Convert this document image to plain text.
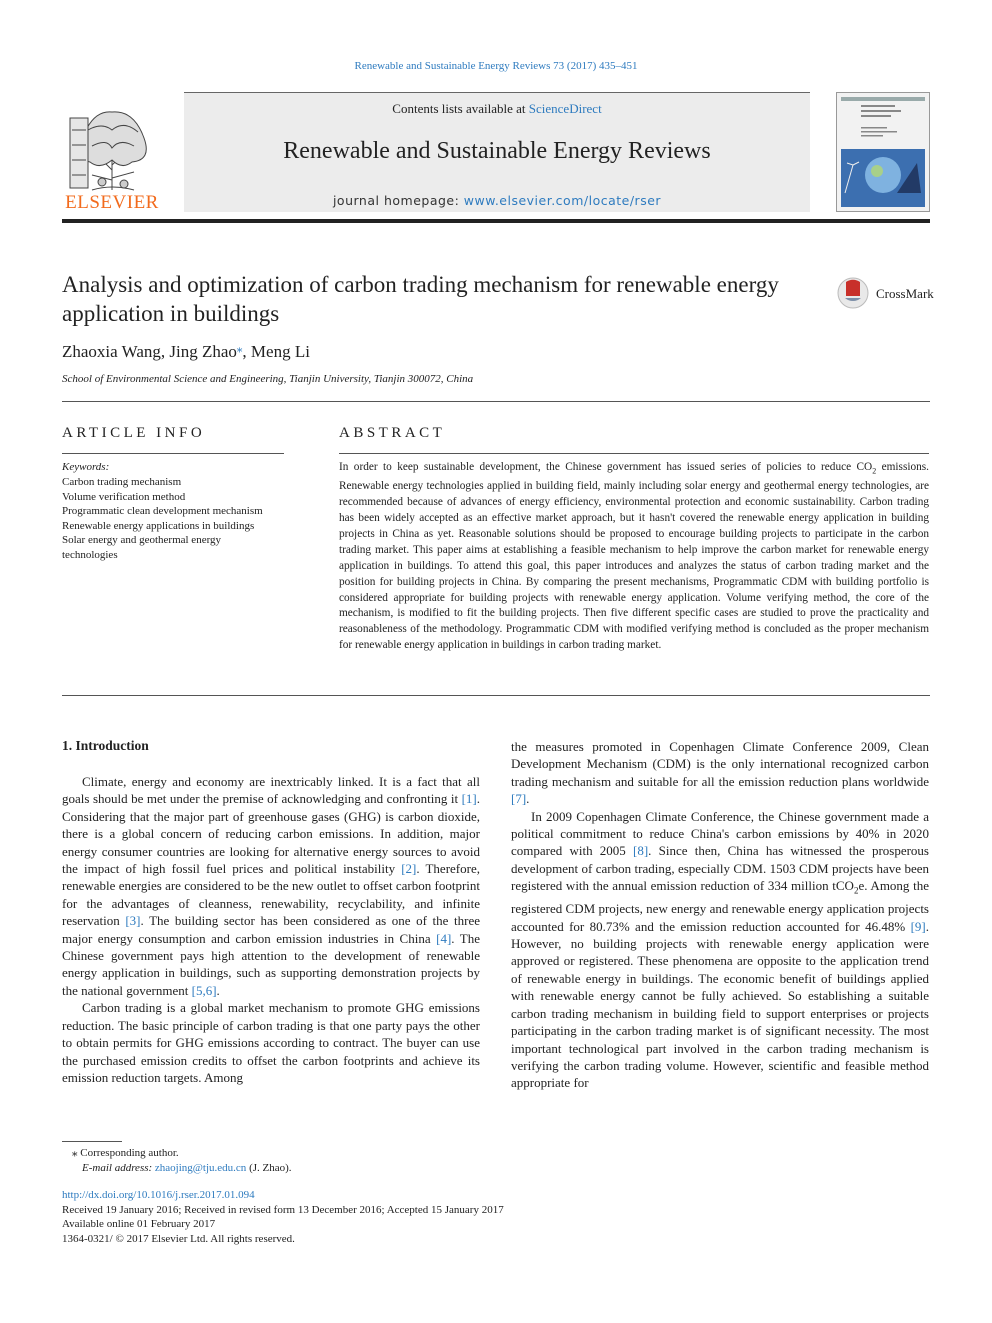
Renewable and Sustainable Energy Reviews 73 (2017) 435–451
ELSEVIER
Contents lists available at ScienceDirect
Renewable and Sustainable Energy Reviews
journal homepage: www.elsevier.com/locate/rser
Analysis and optimization of carbon trading mechanism for renewable energy application in buildings
CrossMark
Zhaoxia Wang, Jing Zhao⁎, Meng Li
School of Environmental Science and Engineering, Tianjin University, Tianjin 300072, China
ARTICLE INFO
Keywords:
Carbon trading mechanism
Volume verification method
Programmatic clean development mechanism
Renewable energy applications in buildings
Solar energy and geothermal energy
technologies
ABSTRACT
In order to keep sustainable development, the Chinese government has issued series of policies to reduce $CO_2$ emissions. Renewable energy technologies applied in building field, mainly including solar energy and geothermal energy technologies, are recommended because of advances of energy efficiency, environmental protection and economic sustainability. Carbon trading has been widely accepted as an effective market approach, but it hasn't covered the renewable energy application in building projects in China as yet. Reasonable solutions should be proposed to encourage building projects to participate in the carbon trading market. This paper aims at establishing a feasible mechanism to help improve the carbon market for renewable energy application in buildings. To attend this goal, this paper introduces and analyzes the status of carbon trading market and the position for building projects in China. By comparing the present mechanisms, Programmatic CDM with building portfolio is considered appropriate for building projects with renewable energy application. Volume verifying method, the core of the mechanism, is modified to fit the building projects. Then five different specific cases are studied to prove the practicality and reasonableness of the methodology. Programmatic CDM with modified verifying method is concluded as the proper mechanism for renewable energy application in buildings in carbon trading market.
1. Introduction

Climate, energy and economy are inextricably linked. It is a fact that all goals should be met under the premise of acknowledging and confronting it [1]. Considering that the major part of greenhouse gases (GHG) is carbon dioxide, there is a global concern of reducing carbon emissions. In addition, major energy consumer countries are looking for alternative energy sources to avoid the impact of high fossil fuel prices and political instability [2]. Therefore, renewable energies are considered to be the new outlet to offset carbon footprint for the advantages of cleanness, renewability, recyclability, and infinite reservation [3]. The building sector has been considered as one of the three major energy consumption and carbon emission industries in China [4]. The Chinese government pays high attention to the development of renewable energy application in buildings, such as supporting demonstration projects by the national government [5,6].

Carbon trading is a global market mechanism to promote GHG emissions reduction. The basic principle of carbon trading is that one party pays the other to obtain permits for GHG emissions according to contract. The buyer can use the purchased emission credits to offset the carbon footprints and achieve its emission reduction targets. Among

the measures promoted in Copenhagen Climate Conference 2009, Clean Development Mechanism (CDM) is the only international recognized carbon trading mechanism and suitable for all the emission reduction plans worldwide [7].

In 2009 Copenhagen Climate Conference, the Chinese government made a political commitment to reduce China's carbon emissions by 40% in 2020 compared with 2005 [8]. Since then, China has witnessed the prosperous development of carbon trading, especially CDM. 1503 CDM projects have been registered with the annual emission reduction of 334 million tCO$_2$e. Among the registered CDM projects, new energy and renewable energy application projects accounted for 80.73% and the emission reduction accounted for 46.48% [9]. However, no building projects with renewable energy application were approved or registered. These phenomena are opposite to the application trend of renewable energy in buildings. The economic benefit of buildings applied with renewable energy cannot be fully achieved. So establishing a suitable carbon trading mechanism in building field to support enterprises or projects participating in the carbon trading market is of significant necessity. The most important technological part involved in the carbon trading mechanism is verifying the carbon trading volume. However, scientific and feasible method appropriate for

⁎ Corresponding author.
E-mail address: zhaojing@tju.edu.cn (J. Zhao).
http://dx.doi.org/10.1016/j.rser.2017.01.094
Received 19 January 2016; Received in revised form 13 December 2016; Accepted 15 January 2017
Available online 01 February 2017
1364-0321/ © 2017 Elsevier Ltd. All rights reserved.
